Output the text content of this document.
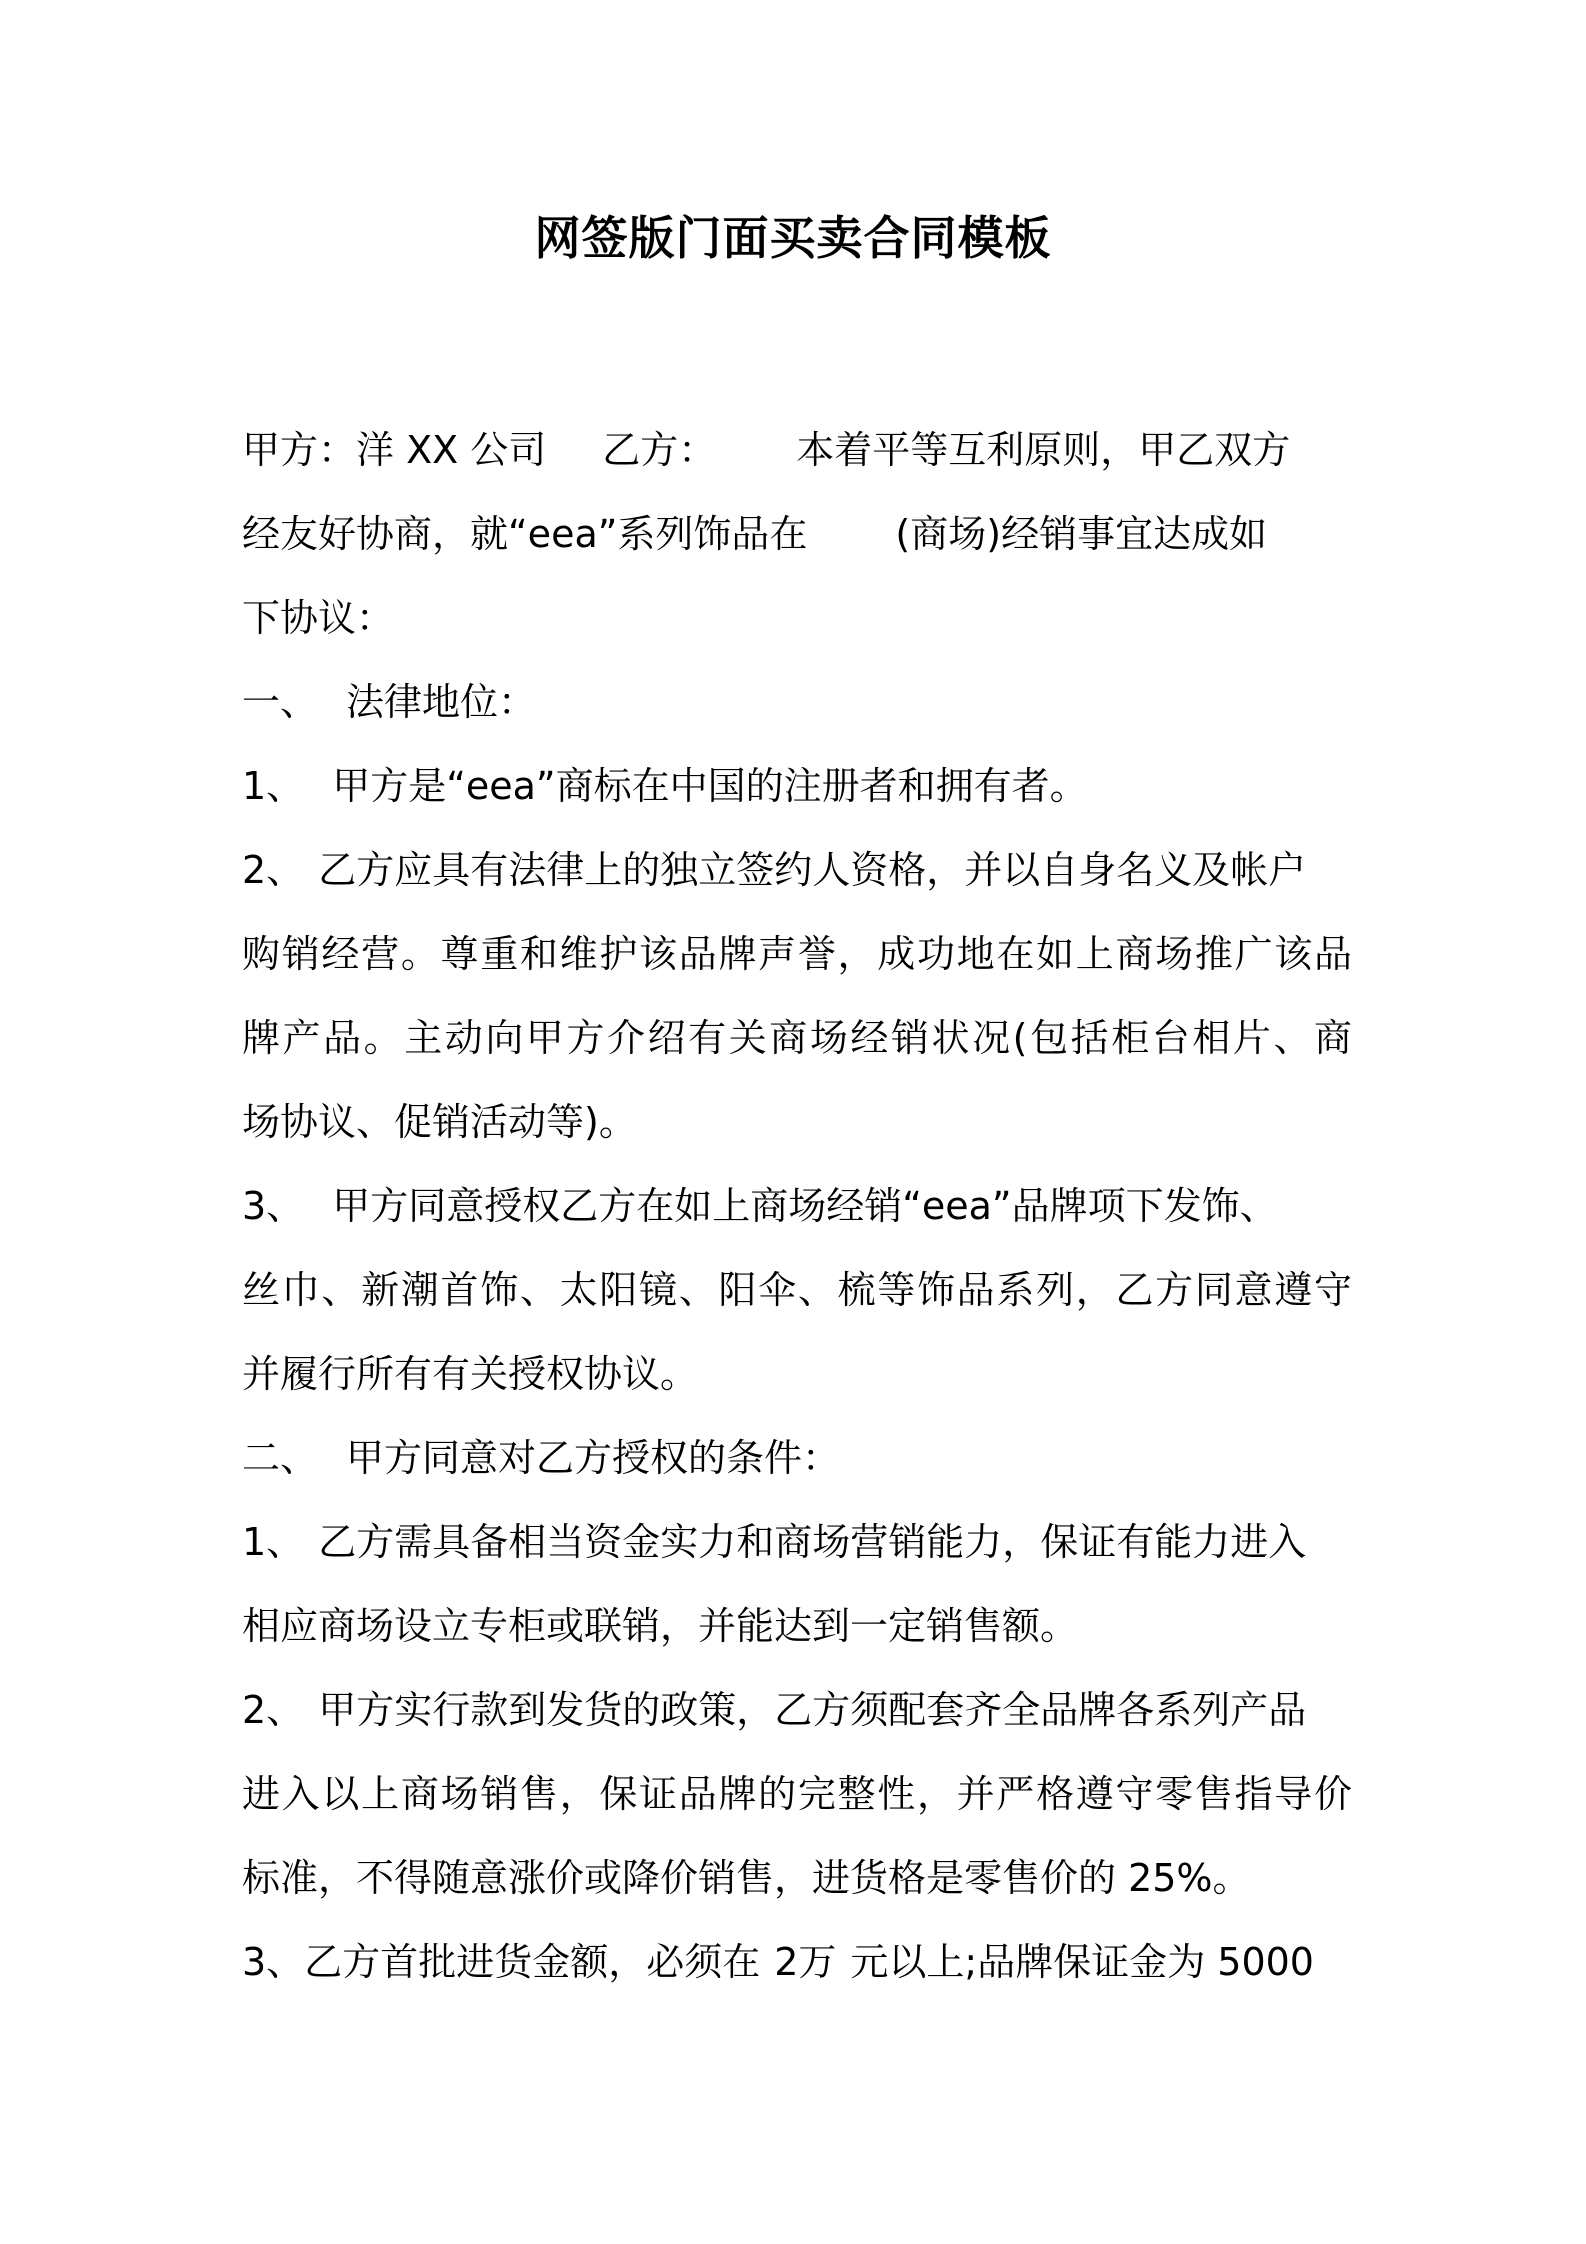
网签版门面买卖合同模板
甲方：洋 XX 公司 乙方： 本着平等互利原则，甲乙双方
经友好协商，就“eea”系列饰品在 (商场)经销事宜达成如
下协议：
一、 法律地位：
1、 甲方是“eea”商标在中国的注册者和拥有者。
2、 乙方应具有法律上的独立签约人资格，并以自身名义及帐户
购销经营。尊重和维护该品牌声誉，成功地在如上商场推广该品
牌产品。主动向甲方介绍有关商场经销状况(包括柜台相片、商
场协议、促销活动等)。
3、 甲方同意授权乙方在如上商场经销“eea”品牌项下发饰、
丝巾、新潮首饰、太阳镜、阳伞、梳等饰品系列，乙方同意遵守
并履行所有有关授权协议。
二、 甲方同意对乙方授权的条件：
1、 乙方需具备相当资金实力和商场营销能力，保证有能力进入
相应商场设立专柜或联销，并能达到一定销售额。
2、 甲方实行款到发货的政策，乙方须配套齐全品牌各系列产品
进入以上商场销售，保证品牌的完整性，并严格遵守零售指导价
标准，不得随意涨价或降价销售，进货格是零售价的 25%。
3、乙方首批进货金额，必须在 2万 元以上;品牌保证金为 5000
